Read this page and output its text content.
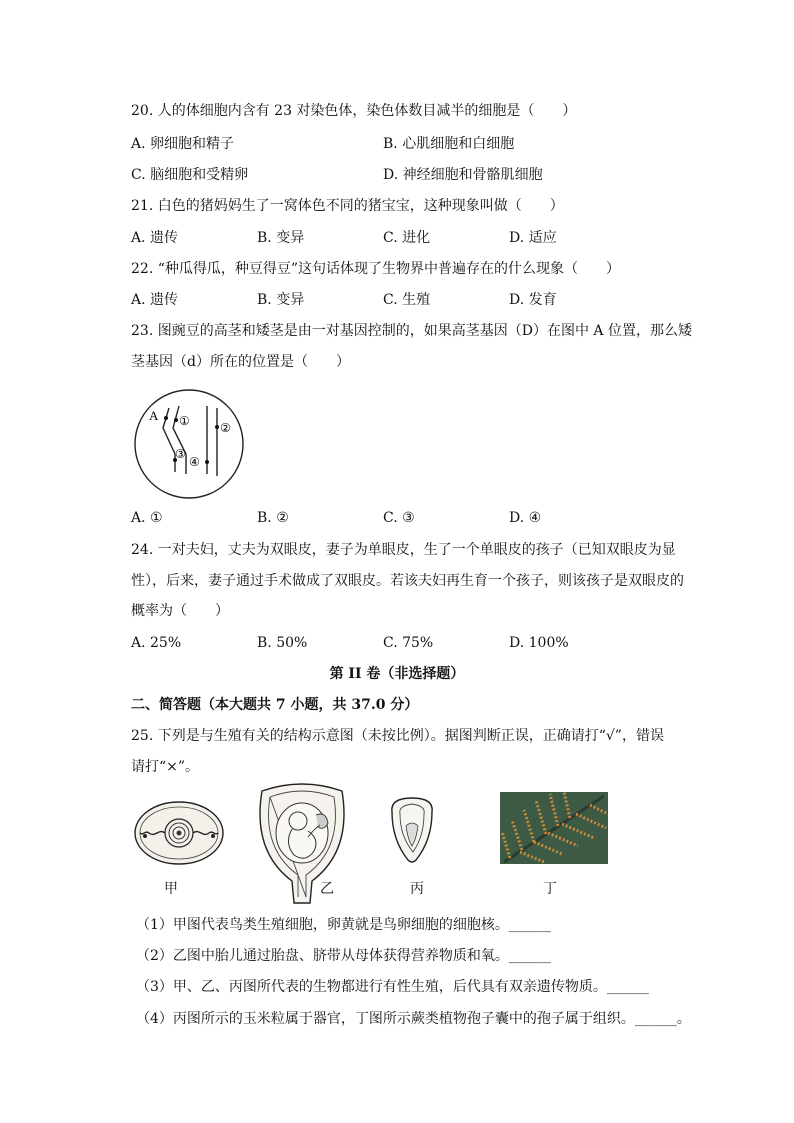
20. 人的体细胞内含有 23 对染色体，染色体数目减半的细胞是（　　）
A. 卵细胞和精子	B. 心肌细胞和白细胞
C. 脑细胞和受精卵	D. 神经细胞和骨骼肌细胞
21. 白色的猪妈妈生了一窝体色不同的猪宝宝，这种现象叫做（　　）
A. 遗传	B. 变异	C. 进化	D. 适应
22. “种瓜得瓜，种豆得豆”这句话体现了生物界中普遍存在的什么现象（　　）
A. 遗传	B. 变异	C. 生殖	D. 发育
23. 图豌豆的高茎和矮茎是由一对基因控制的，如果高茎基因（D）在图中 A 位置，那么矮
茎基因（d）所在的位置是（　　）
A ①	②
③
④
A. ①	B. ②	C. ③	D. ④
24. 一对夫妇，丈夫为双眼皮，妻子为单眼皮，生了一个单眼皮的孩子（已知双眼皮为显
性），后来，妻子通过手术做成了双眼皮。若该夫妇再生育一个孩子，则该孩子是双眼皮的
概率为（　　）
A. 25%	B. 50%	C. 75%	D. 100%
第 II 卷（非选择题）
二、简答题（本大题共 7 小题，共 37.0 分）
25. 下列是与生殖有关的结构示意图（未按比例）。据图判断正误，正确请打“√”，错误
请打“×”。
甲	乙	丙	丁
（1）甲图代表鸟类生殖细胞，卵黄就是鸟卵细胞的细胞核。______
（2）乙图中胎儿通过胎盘、脐带从母体获得营养物质和氧。______
（3）甲、乙、丙图所代表的生物都进行有性生殖，后代具有双亲遗传物质。______
（4）丙图所示的玉米粒属于器官，丁图所示蕨类植物孢子囊中的孢子属于组织。______。
